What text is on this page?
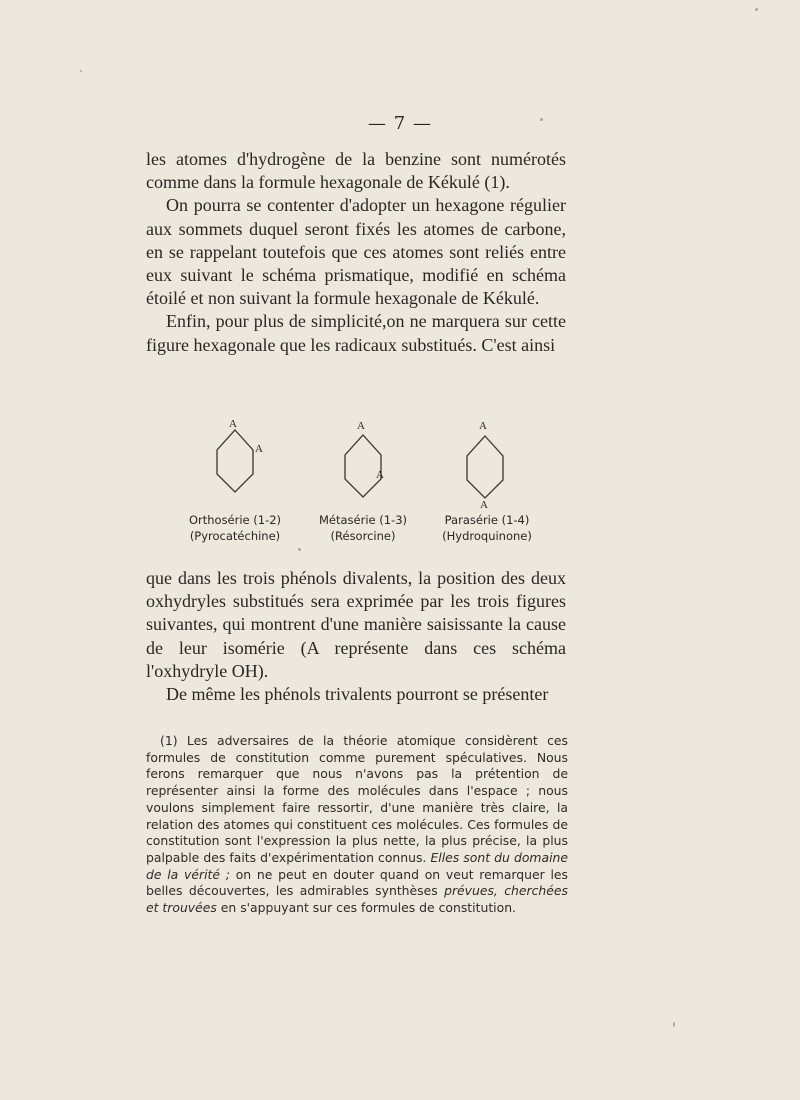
— 7 —

les atomes d'hydrogène de la benzine sont numérotés comme dans la formule hexagonale de Kékulé (1).

On pourra se contenter d'adopter un hexagone régulier aux sommets duquel seront fixés les atomes de carbone, en se rappelant toutefois que ces atomes sont reliés entre eux suivant le schéma prismatique, modifié en schéma étoilé et non suivant la formule hexagonale de Kékulé.

Enfin, pour plus de simplicité,on ne marquera sur cette figure hexagonale que les radicaux substitués. C'est ainsi

A
A
A
A
A
A
Orthosérie (1-2)
(Pyrocatéchine)
Métasérie (1-3)
(Résorcine)
Parasérie (1-4)
(Hydroquinone)

que dans les trois phénols divalents, la position des deux oxhydryles substitués sera exprimée par les trois figures suivantes, qui montrent d'une manière saisissante la cause de leur isomérie (A représente dans ces schéma l'oxhydryle OH).

De même les phénols trivalents pourront se présenter

(1) Les adversaires de la théorie atomique considèrent ces formules de constitution comme purement spéculatives. Nous ferons remarquer que nous n'avons pas la prétention de représenter ainsi la forme des molécules dans l'espace ; nous voulons simplement faire ressortir, d'une manière très claire, la relation des atomes qui constituent ces molécules. Ces formules de constitution sont l'expression la plus nette, la plus précise, la plus palpable des faits d'expérimentation connus. Elles sont du domaine de la vérité ; on ne peut en douter quand on veut remarquer les belles découvertes, les admirables synthèses prévues, cherchées et trouvées en s'appuyant sur ces formules de constitution.
